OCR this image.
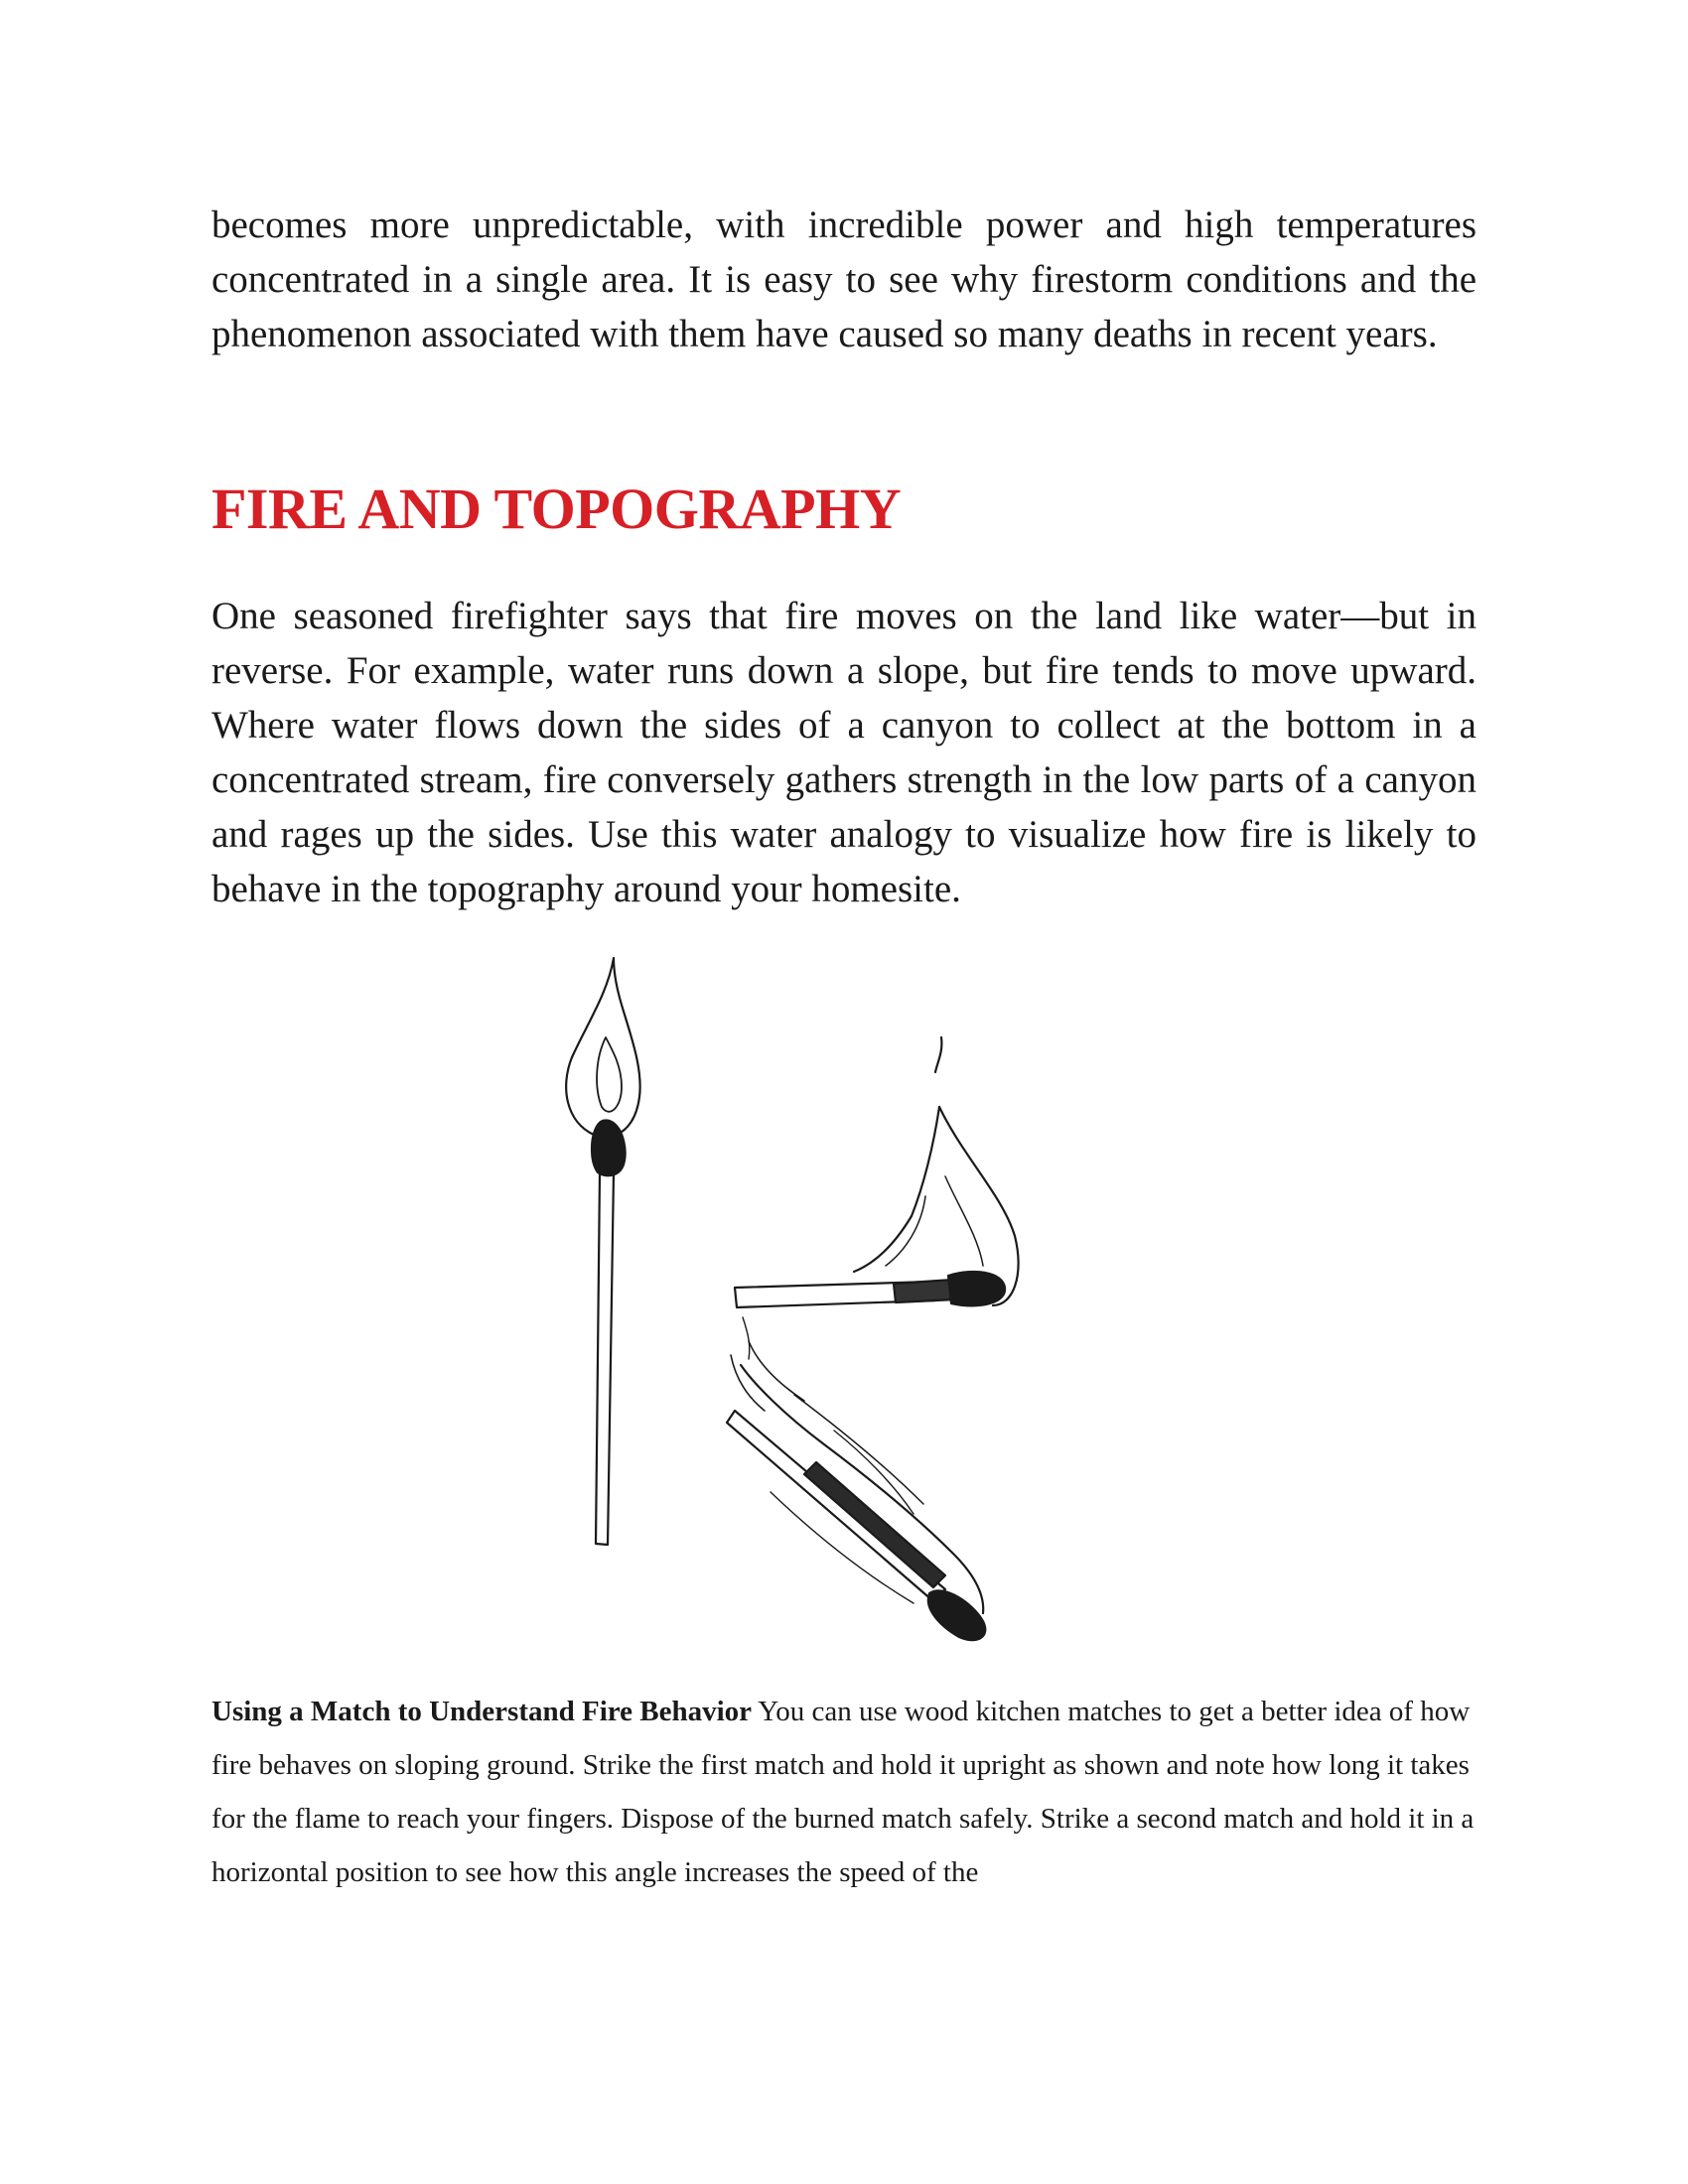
becomes more unpredictable, with incredible power and high temperatures concentrated in a single area. It is easy to see why firestorm conditions and the phenomenon associated with them have caused so many deaths in recent years.

FIRE AND TOPOGRAPHY

One seasoned firefighter says that fire moves on the land like water—but in reverse. For example, water runs down a slope, but fire tends to move upward. Where water flows down the sides of a canyon to collect at the bottom in a concentrated stream, fire conversely gathers strength in the low parts of a canyon and rages up the sides. Use this water analogy to visualize how fire is likely to behave in the topography around your homesite.

Using a Match to Understand Fire Behavior You can use wood kitchen matches to get a better idea of how fire behaves on sloping ground. Strike the first match and hold it upright as shown and note how long it takes for the flame to reach your fingers. Dispose of the burned match safely. Strike a second match and hold it in a horizontal position to see how this angle increases the speed of the
